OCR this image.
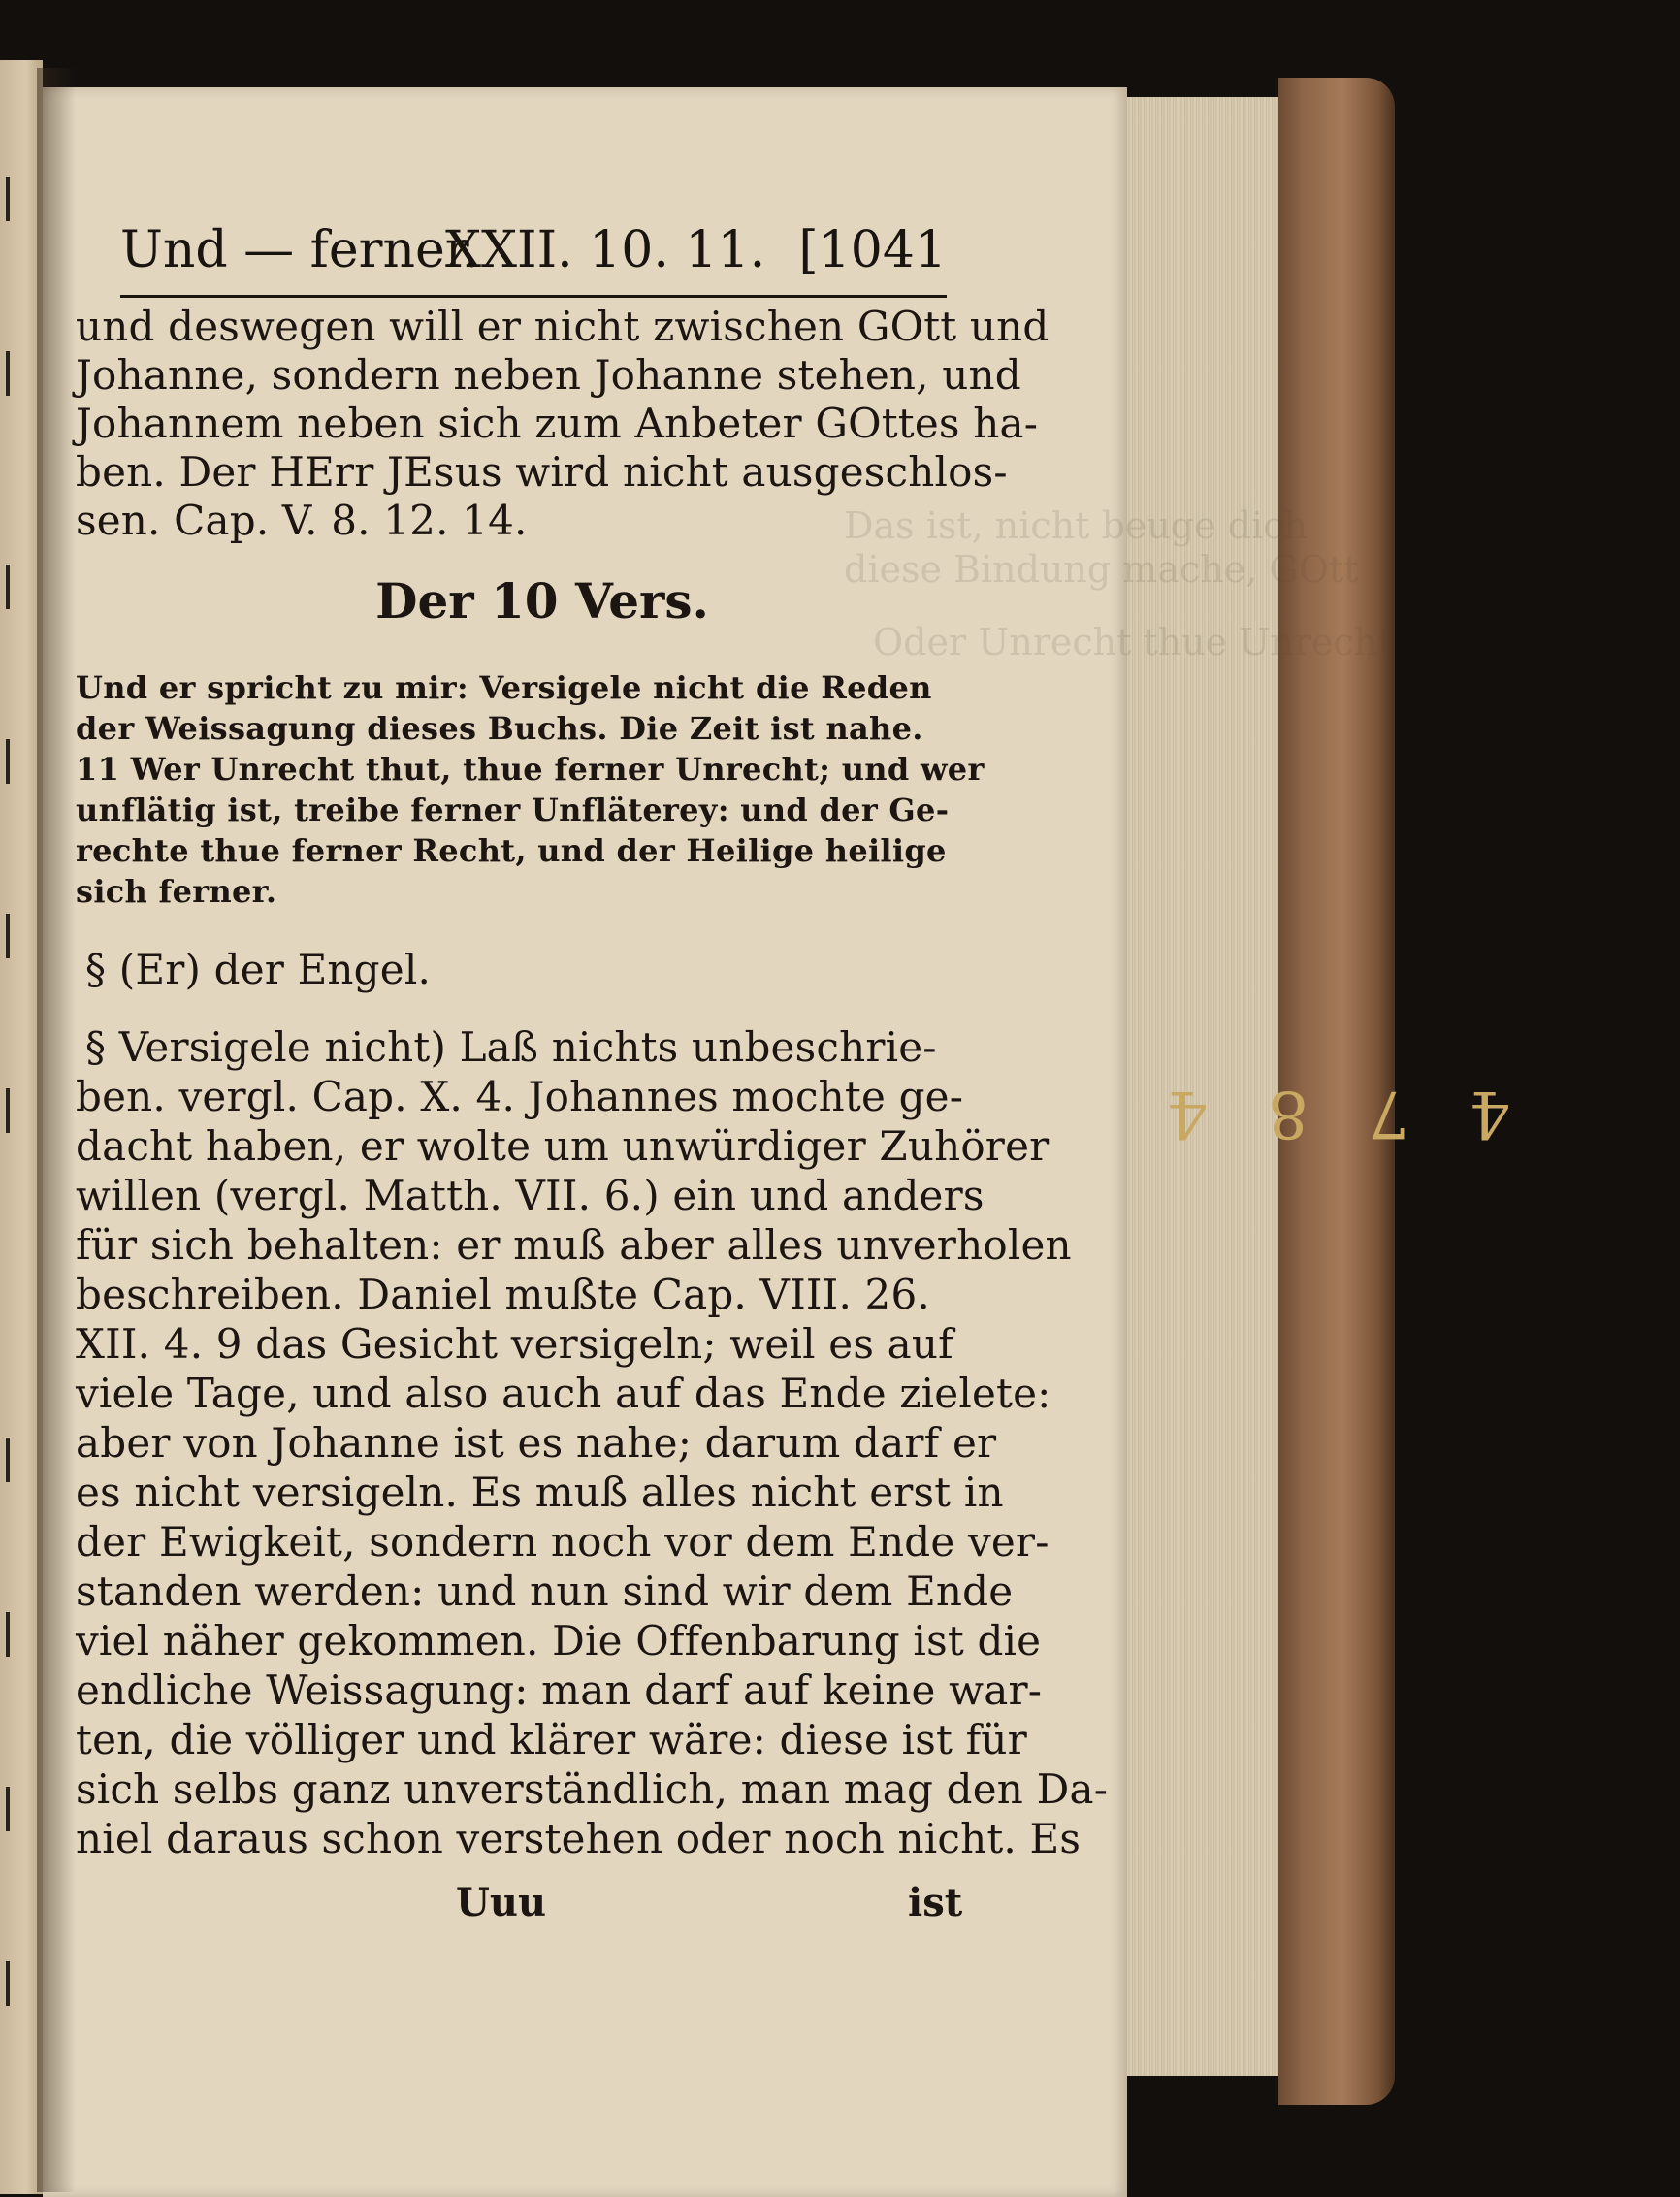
4
7
8
4
Das ist, nicht beuge dich
diese Bindung mache, GOtt
Oder Unrecht thue Unrecht
Und — ferner.
XXII. 10. 11. [1041
und deswegen will er nicht zwischen GOtt und
Johanne, sondern neben Johanne stehen, und
Johannem neben sich zum Anbeter GOttes ha-
ben. Der HErr JEsus wird nicht ausgeschlos-
sen. Cap. V. 8. 12. 14.
Der 10 Vers.
Und er spricht zu mir: Versigele nicht die Reden
der Weissagung dieses Buchs. Die Zeit ist nahe.
11 Wer Unrecht thut, thue ferner Unrecht; und wer
unflätig ist, treibe ferner Unfläterey: und der Ge-
rechte thue ferner Recht, und der Heilige heilige
sich ferner.
§ (Er) der Engel.
§ Versigele nicht) Laß nichts unbeschrie-
ben. vergl. Cap. X. 4. Johannes mochte ge-
dacht haben, er wolte um unwürdiger Zuhörer
willen (vergl. Matth. VII. 6.) ein und anders
für sich behalten: er muß aber alles unverholen
beschreiben. Daniel mußte Cap. VIII. 26.
XII. 4. 9 das Gesicht versigeln; weil es auf
viele Tage, und also auch auf das Ende zielete:
aber von Johanne ist es nahe; darum darf er
es nicht versigeln. Es muß alles nicht erst in
der Ewigkeit, sondern noch vor dem Ende ver-
standen werden: und nun sind wir dem Ende
viel näher gekommen. Die Offenbarung ist die
endliche Weissagung: man darf auf keine war-
ten, die völliger und klärer wäre: diese ist für
sich selbs ganz unverständlich, man mag den Da-
niel daraus schon verstehen oder noch nicht. Es
Uuu	ist
